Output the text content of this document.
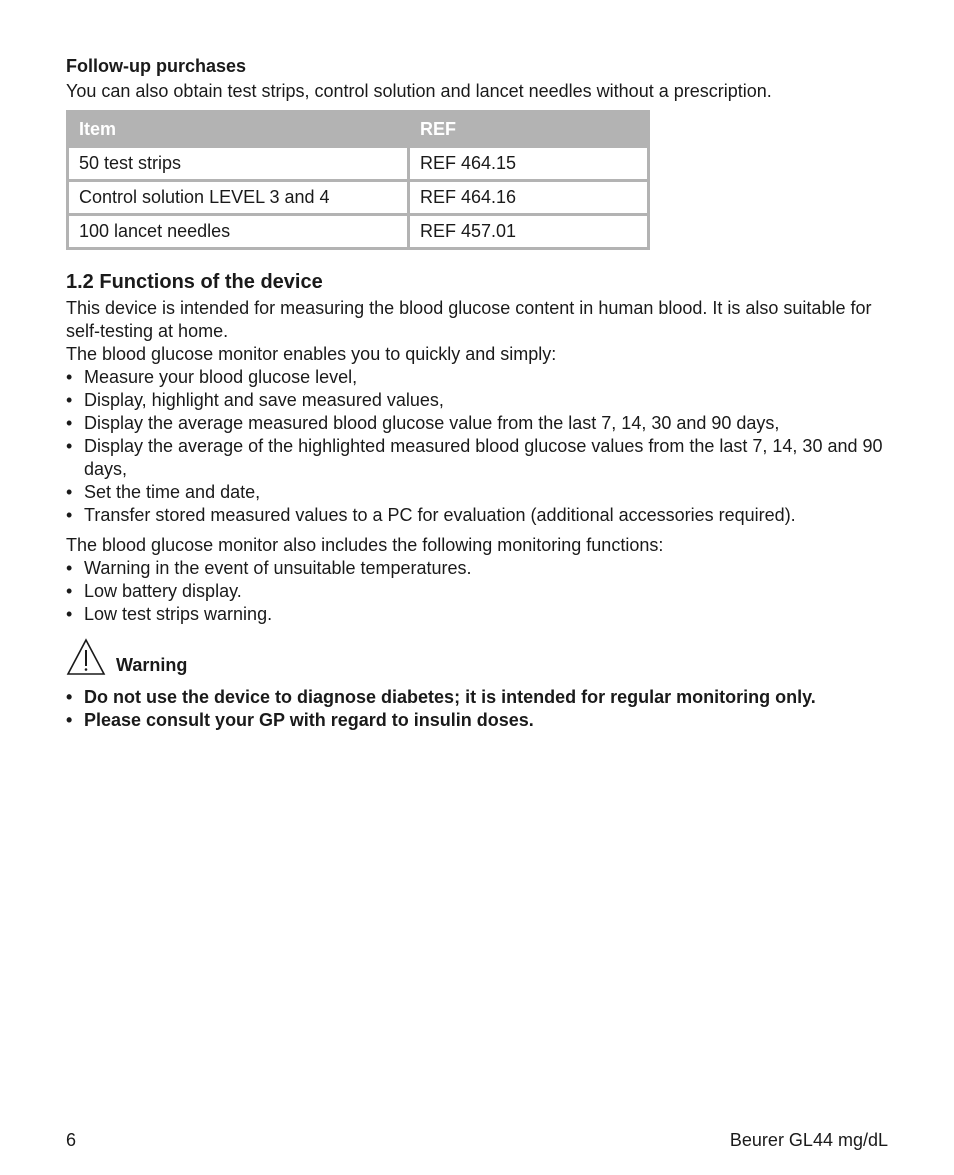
Follow-up purchases

You can also obtain test strips, control solution and lancet needles without a prescription.

Item	REF
50 test strips	REF 464.15
Control solution LEVEL 3 and 4	REF 464.16
100 lancet needles	REF 457.01
1.2 Functions of the device

This device is intended for measuring the blood glucose content in human blood. It is also suitable for self-testing at home.

The blood glucose monitor enables you to quickly and simply:

• Measure your blood glucose level,
• Display, highlight and save measured values,
• Display the average measured blood glucose value from the last 7, 14, 30 and 90 days,
• Display the average of the highlighted measured blood glucose values from the last 7, 14, 30 and 90 days,
• Set the time and date,
• Transfer stored measured values to a PC for evaluation (additional accessories required).

The blood glucose monitor also includes the following monitoring functions:

• Warning in the event of unsuitable temperatures.
• Low battery display.
• Low test strips warning.
Warning
• Do not use the device to diagnose diabetes; it is intended for regular monitoring only.
• Please consult your GP with regard to insulin doses.
6	Beurer GL44 mg/dL
